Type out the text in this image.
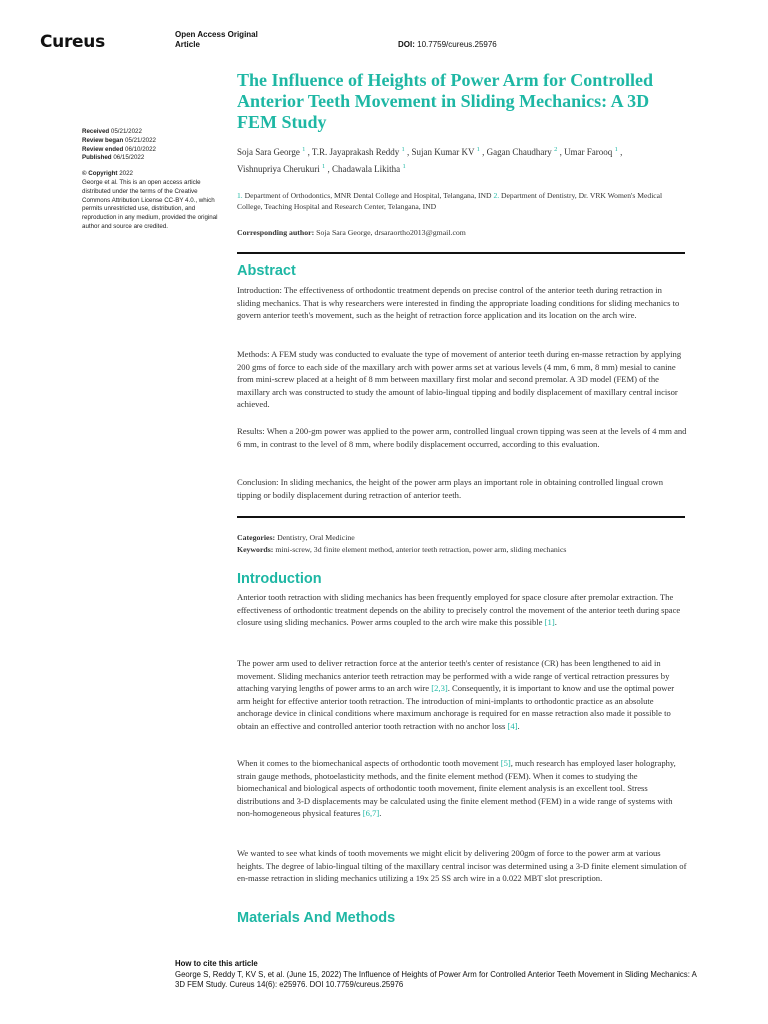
Cureus	Open Access Original
Article	DOI: 10.7759/cureus.25976
Received 05/21/2022
Review began 05/21/2022
Review ended 06/10/2022
Published 06/15/2022
© Copyright 2022
George et al. This is an open access article distributed under the terms of the Creative Commons Attribution License CC-BY 4.0., which permits unrestricted use, distribution, and reproduction in any medium, provided the original author and source are credited.
The Influence of Heights of Power Arm for Controlled Anterior Teeth Movement in Sliding Mechanics: A 3D FEM Study
Soja Sara George $^1$ , T.R. Jayaprakash Reddy $^1$ , Sujan Kumar KV $^1$ , Gagan Chaudhary $^2$ , Umar Farooq $^1$ ,
Vishnupriya Cherukuri $^1$ , Chadawala Likitha $^1$
1. Department of Orthodontics, MNR Dental College and Hospital, Telangana, IND 2. Department of Dentistry, Dr. VRK Women's Medical College, Teaching Hospital and Research Center, Telangana, IND
Corresponding author: Soja Sara George, drsaraortho2013@gmail.com
Abstract

Introduction: The effectiveness of orthodontic treatment depends on precise control of the anterior teeth during retraction in sliding mechanics. That is why researchers were interested in finding the appropriate loading conditions for sliding mechanics to govern anterior teeth's movement, such as the height of retraction force application and its location on the arch wire.

Methods: A FEM study was conducted to evaluate the type of movement of anterior teeth during en-masse retraction by applying 200 gms of force to each side of the maxillary arch with power arms set at various levels (4 mm, 6 mm, 8 mm) mesial to canine from mini-screw placed at a height of 8 mm between maxillary first molar and second premolar. A 3D model (FEM) of the maxillary arch was constructed to study the amount of labio-lingual tipping and bodily displacement of maxillary central incisor achieved.

Results: When a 200-gm power was applied to the power arm, controlled lingual crown tipping was seen at the levels of 4 mm and 6 mm, in contrast to the level of 8 mm, where bodily displacement occurred, according to this evaluation.

Conclusion: In sliding mechanics, the height of the power arm plays an important role in obtaining controlled lingual crown tipping or bodily displacement during retraction of anterior teeth.

Categories: Dentistry, Oral Medicine
Keywords: mini-screw, 3d finite element method, anterior teeth retraction, power arm, sliding mechanics
Introduction

Anterior tooth retraction with sliding mechanics has been frequently employed for space closure after premolar extraction. The effectiveness of orthodontic treatment depends on the ability to precisely control the movement of the anterior teeth during space closure using sliding mechanics. Power arms coupled to the arch wire make this possible [1].

The power arm used to deliver retraction force at the anterior teeth's center of resistance (CR) has been lengthened to aid in movement. Sliding mechanics anterior teeth retraction may be performed with a wide range of vertical retraction pressures by attaching varying lengths of power arms to an arch wire [2,3]. Consequently, it is important to know and use the optimal power arm height for effective anterior tooth retraction. The introduction of mini-implants to orthodontic practice as an absolute anchorage device in clinical conditions where maximum anchorage is required for en masse retraction also made it possible to obtain an effective and controlled anterior tooth retraction with no anchor loss [4].

When it comes to the biomechanical aspects of orthodontic tooth movement [5], much research has employed laser holography, strain gauge methods, photoelasticity methods, and the finite element method (FEM). When it comes to studying the biomechanical and biological aspects of orthodontic tooth movement, finite element analysis is an excellent tool. Stress distributions and 3-D displacements may be calculated using the finite element method (FEM) in a wide range of systems with non-homogeneous physical features [6,7].

We wanted to see what kinds of tooth movements we might elicit by delivering 200gm of force to the power arm at various heights. The degree of labio-lingual tilting of the maxillary central incisor was determined using a 3-D finite element simulation of en-masse retraction in sliding mechanics utilizing a 19x 25 SS arch wire in a 0.022 MBT slot prescription.

Materials And Methods
How to cite this article
George S, Reddy T, KV S, et al. (June 15, 2022) The Influence of Heights of Power Arm for Controlled Anterior Teeth Movement in Sliding Mechanics: A 3D FEM Study. Cureus 14(6): e25976. DOI 10.7759/cureus.25976
